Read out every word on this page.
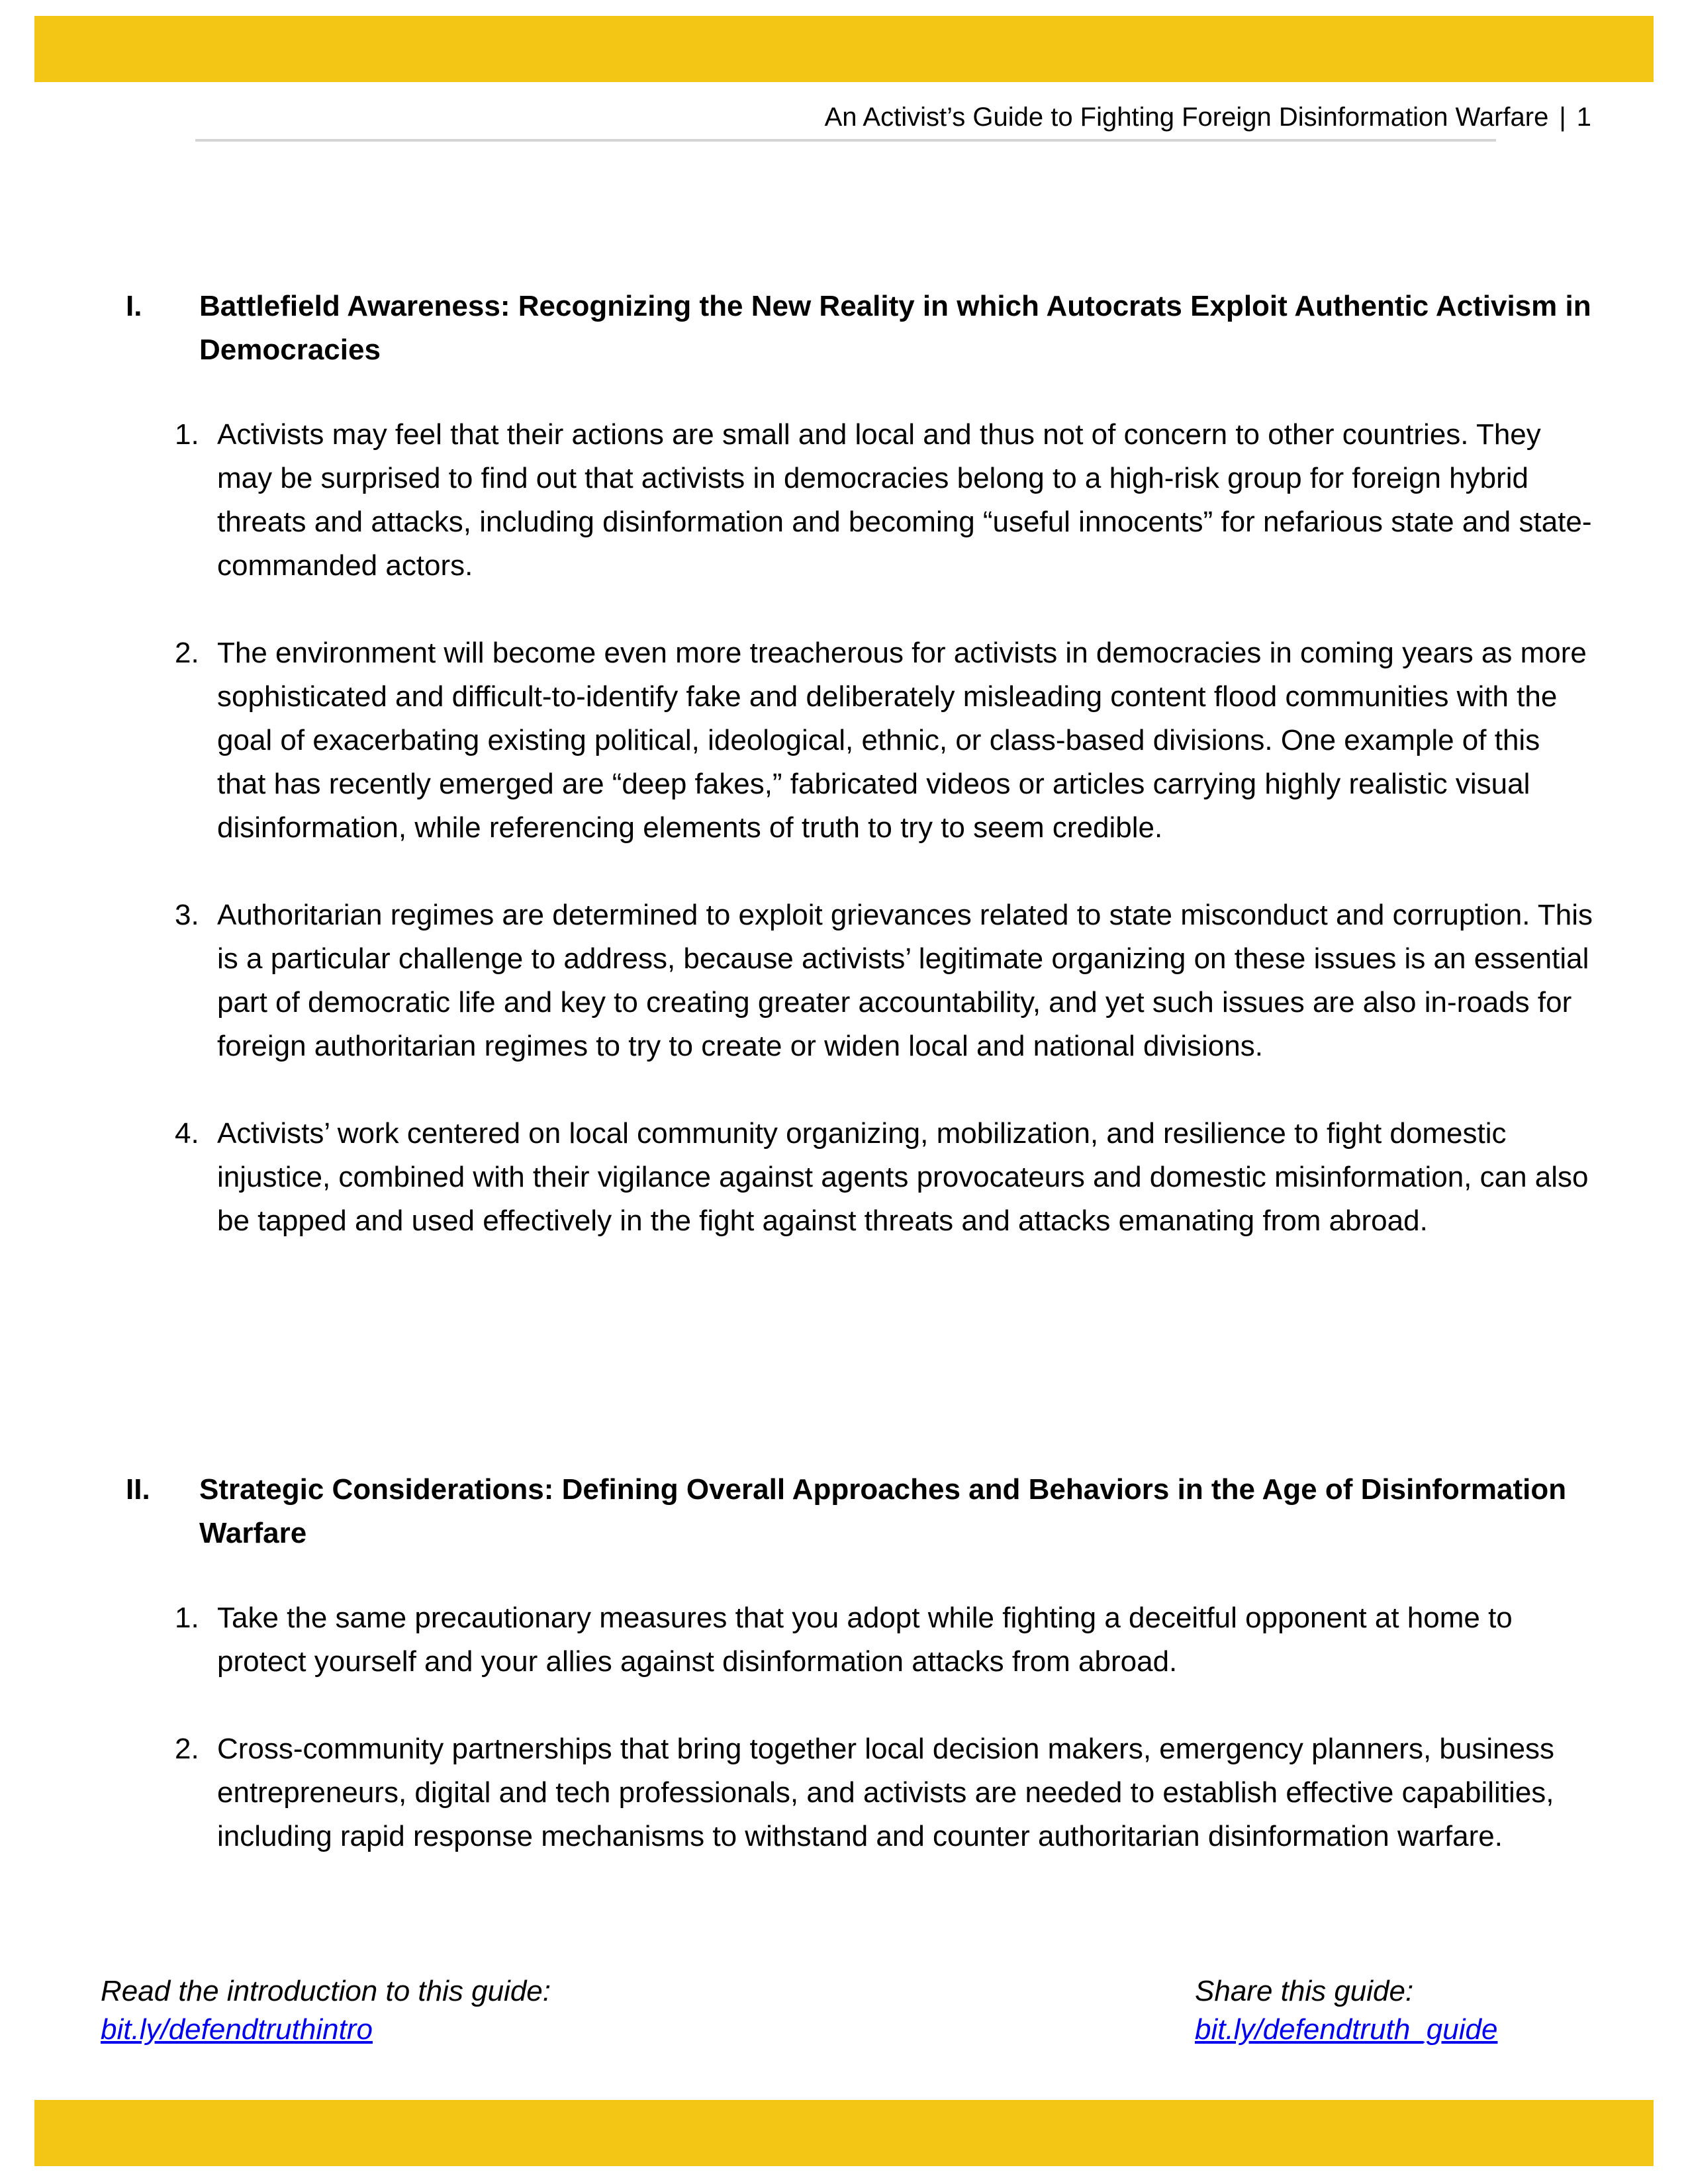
An Activist’s Guide to Fighting Foreign Disinformation Warfare | 1
I. Battlefield Awareness: Recognizing the New Reality in which Autocrats Exploit Authentic Activism in Democracies
1. Activists may feel that their actions are small and local and thus not of concern to other countries. They may be surprised to find out that activists in democracies belong to a high-risk group for foreign hybrid threats and attacks, including disinformation and becoming “useful innocents” for nefarious state and state-commanded actors.
2. The environment will become even more treacherous for activists in democracies in coming years as more sophisticated and difficult-to-identify fake and deliberately misleading content flood communities with the goal of exacerbating existing political, ideological, ethnic, or class-based divisions. One example of this that has recently emerged are “deep fakes,” fabricated videos or articles carrying highly realistic visual disinformation, while referencing elements of truth to try to seem credible.
3. Authoritarian regimes are determined to exploit grievances related to state misconduct and corruption. This is a particular challenge to address, because activists’ legitimate organizing on these issues is an essential part of democratic life and key to creating greater accountability, and yet such issues are also in-roads for foreign authoritarian regimes to try to create or widen local and national divisions.
4. Activists’ work centered on local community organizing, mobilization, and resilience to fight domestic injustice, combined with their vigilance against agents provocateurs and domestic misinformation, can also be tapped and used effectively in the fight against threats and attacks emanating from abroad.
II. Strategic Considerations: Defining Overall Approaches and Behaviors in the Age of Disinformation Warfare
1. Take the same precautionary measures that you adopt while fighting a deceitful opponent at home to protect yourself and your allies against disinformation attacks from abroad.
2. Cross-community partnerships that bring together local decision makers, emergency planners, business entrepreneurs, digital and tech professionals, and activists are needed to establish effective capabilities, including rapid response mechanisms to withstand and counter authoritarian disinformation warfare.
Read the introduction to this guide:
bit.ly/defendtruthintro
Share this guide:
bit.ly/defendtruth_guide
